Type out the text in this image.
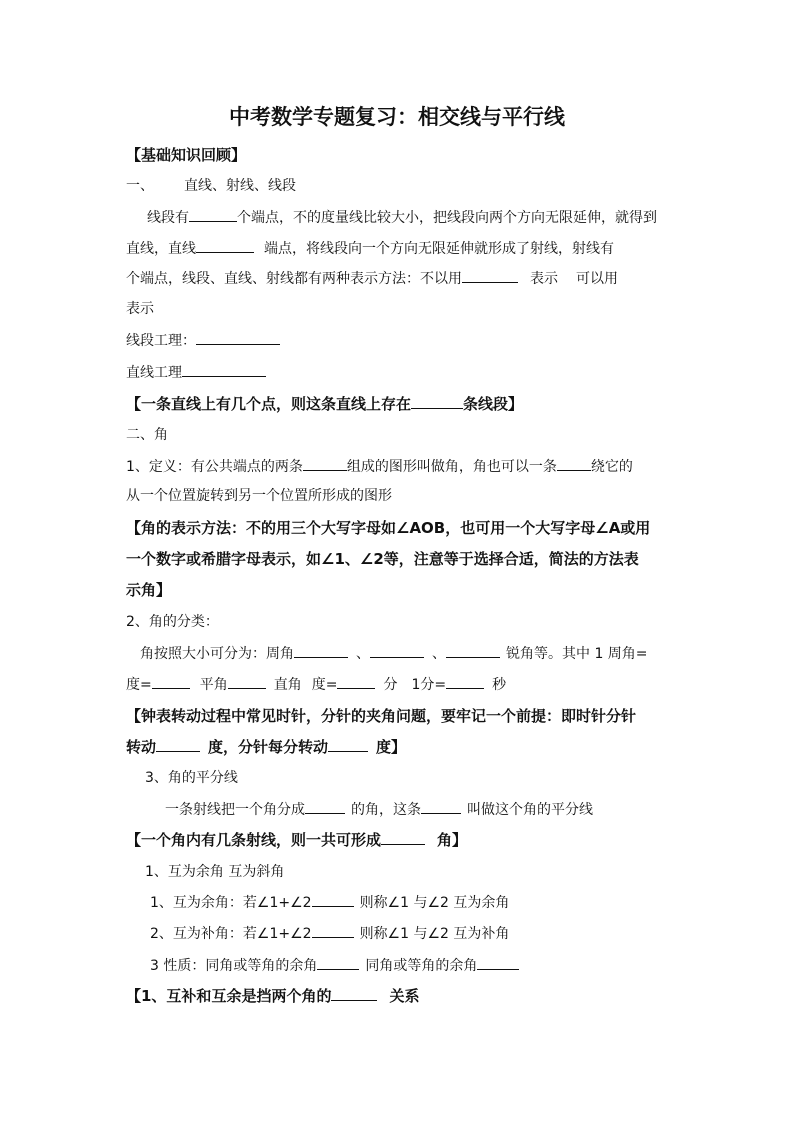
中考数学专题复习：相交线与平行线
【基础知识回顾】
一、 直线、射线、线段
线段有	个端点，不的度量线比较大小，把线段向两个方向无限延伸，就得到
直线，直线	端点，将线段向一个方向无限延伸就形成了射线，射线有
个端点，线段、直线、射线都有两种表示方法：不以用	表示 可以用
表示
线段工理：
直线工理
【一条直线上有几个点，则这条直线上存在	条线段】
二、角
1、定义：有公共端点的两条	组成的图形叫做角，角也可以一条 绕它的
从一个位置旋转到另一个位置所形成的图形
【角的表示方法：不的用三个大写字母如∠AOB，也可用一个大写字母∠A或用
一个数字或希腊字母表示，如∠1、∠2等，注意等于选择合适，简法的方法表
示角】
2、角的分类：
角按照大小可分为：周角	、	、	锐角等。其中 1 周角=
度=	平角	直角 度=	分 1分=	秒
【钟表转动过程中常见时针，分针的夹角问题，要牢记一个前提：即时针分针
转动	度，分针每分转动	度】
3、角的平分线
一条射线把一个角分成	的角，这条	叫做这个角的平分线
【一个角内有几条射线，则一共可形成	角】
1、互为余角 互为斜角
1、互为余角：若∠1+∠2	则称∠1 与∠2 互为余角
2、互为补角：若∠1+∠2	则称∠1 与∠2 互为补角
3 性质：同角或等角的余角	同角或等角的余角
【1、互补和互余是挡两个角的	关系
